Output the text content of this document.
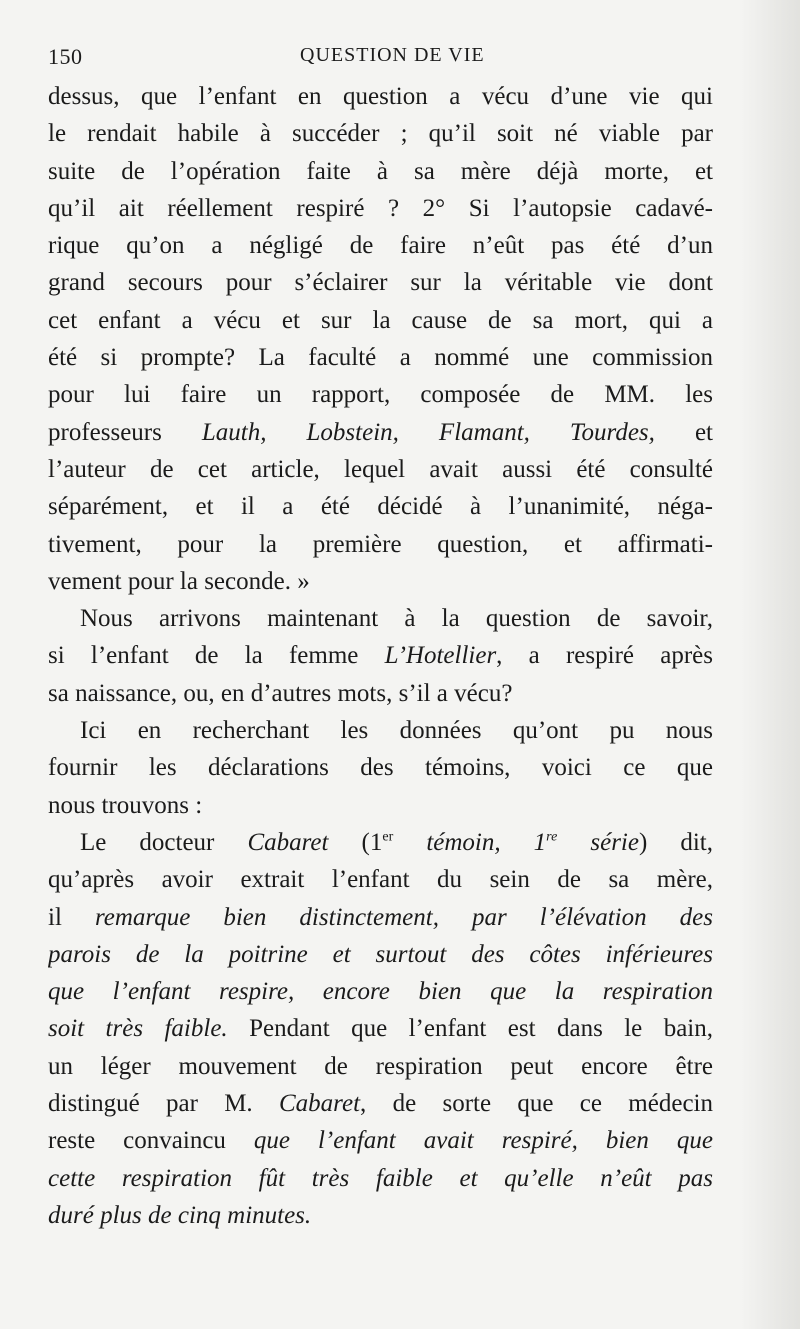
150	QUESTION DE VIE
dessus, que l’enfant en question a vécu d’une vie qui
le rendait habile à succéder ; qu’il soit né viable par
suite de l’opération faite à sa mère déjà morte, et
qu’il ait réellement respiré ? 2° Si l’autopsie cadavé-
rique qu’on a négligé de faire n’eût pas été d’un
grand secours pour s’éclairer sur la véritable vie dont
cet enfant a vécu et sur la cause de sa mort, qui a
été si prompte? La faculté a nommé une commission
pour lui faire un rapport, composée de MM. les
professeurs Lauth, Lobstein, Flamant, Tourdes, et
l’auteur de cet article, lequel avait aussi été consulté
séparément, et il a été décidé à l’unanimité, néga-
tivement, pour la première question, et affirmati-
vement pour la seconde. »
Nous arrivons maintenant à la question de savoir,
si l’enfant de la femme L’Hotellier, a respiré après
sa naissance, ou, en d’autres mots, s’il a vécu?
Ici en recherchant les données qu’ont pu nous
fournir les déclarations des témoins, voici ce que
nous trouvons :
Le docteur Cabaret (1er témoin, 1re série) dit,
qu’après avoir extrait l’enfant du sein de sa mère,
il remarque bien distinctement, par l’élévation des
parois de la poitrine et surtout des côtes inférieures
que l’enfant respire, encore bien que la respiration
soit très faible. Pendant que l’enfant est dans le bain,
un léger mouvement de respiration peut encore être
distingué par M. Cabaret, de sorte que ce médecin
reste convaincu que l’enfant avait respiré, bien que
cette respiration fût très faible et qu’elle n’eût pas
duré plus de cinq minutes.
